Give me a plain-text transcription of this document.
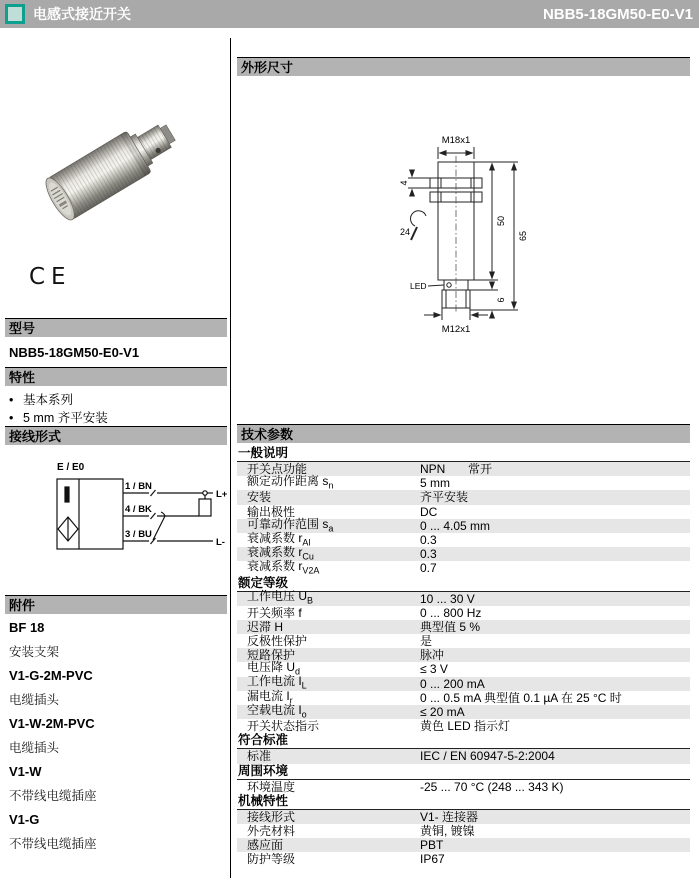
电感式接近开关	NBB5-18GM50-E0-V1
CE
型号
NBB5-18GM50-E0-V1
特性
• 基本系列
• 5 mm 齐平安装
接线形式
E / E0
1 / BN
4 / BK
3 / BU
L+
L-
附件
BF 18
安装支架
V1-G-2M-PVC
电缆插头
V1-W-2M-PVC
电缆插头
V1-W
不带线电缆插座
V1-G
不带线电缆插座
外形尺寸
M18x1
4
24
50
65
6
LED
M12x1
技术参数
一般说明
开关点功能	NPN 常开
额定动作距离 $s_n$	5 mm
安装	齐平安装
输出极性	DC
可靠动作范围 $s_a$	0 ... 4.05 mm
衰减系数 $r_{Al}$	0.3
衰减系数 $r_{Cu}$	0.3
衰减系数 $r_{V2A}$	0.7
额定等级
工作电压 $U_B$	10 ... 30 V
开关频率 f	0 ... 800 Hz
迟滞 H	典型值 5 %
反极性保护	是
短路保护	脉冲
电压降 $U_d$	≤ 3 V
工作电流 $I_L$	0 ... 200 mA
漏电流 $I_r$	0 ... 0.5 mA 典型值 0.1 µA 在 25 °C 时
空载电流 $I_o$	≤ 20 mA
开关状态指示	黄色 LED 指示灯
符合标准
标准	IEC / EN 60947-5-2:2004
周围环境
环境温度	-25 ... 70 °C (248 ... 343 K)
机械特性
接线形式	V1- 连接器
外壳材料	黄铜, 镀镍
感应面	PBT
防护等级	IP67
